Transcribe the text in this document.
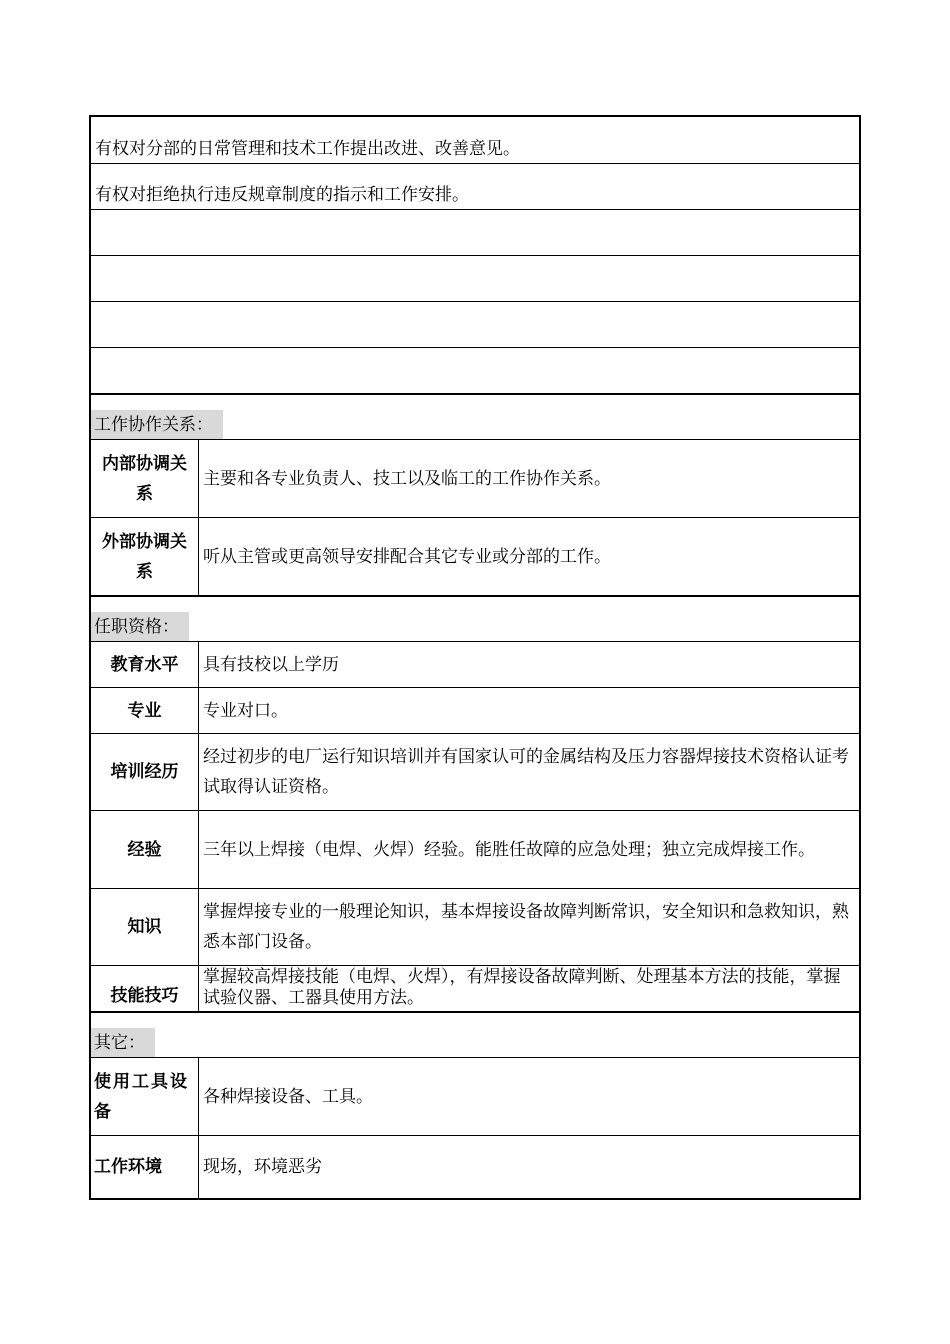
有权对分部的日常管理和技术工作提出改进、改善意见。
有权对拒绝执行违反规章制度的指示和工作安排。
工作协作关系：
内部协调关系
主要和各专业负责人、技工以及临工的工作协作关系。
外部协调关系
听从主管或更高领导安排配合其它专业或分部的工作。
任职资格：
教育水平 具有技校以上学历
专业 专业对口。
培训经历
经过初步的电厂运行知识培训并有国家认可的金属结构及压力容器焊接技术资格认证考试取得认证资格。
经验 三年以上焊接（电焊、火焊）经验。能胜任故障的应急处理；独立完成焊接工作。
知识
掌握焊接专业的一般理论知识，基本焊接设备故障判断常识，安全知识和急救知识，熟悉本部门设备。
技能技巧
掌握较高焊接技能（电焊、火焊），有焊接设备故障判断、处理基本方法的技能，掌握试验仪器、工器具使用方法。
其它：
使用工具设备
各种焊接设备、工具。
工作环境 现场，环境恶劣
